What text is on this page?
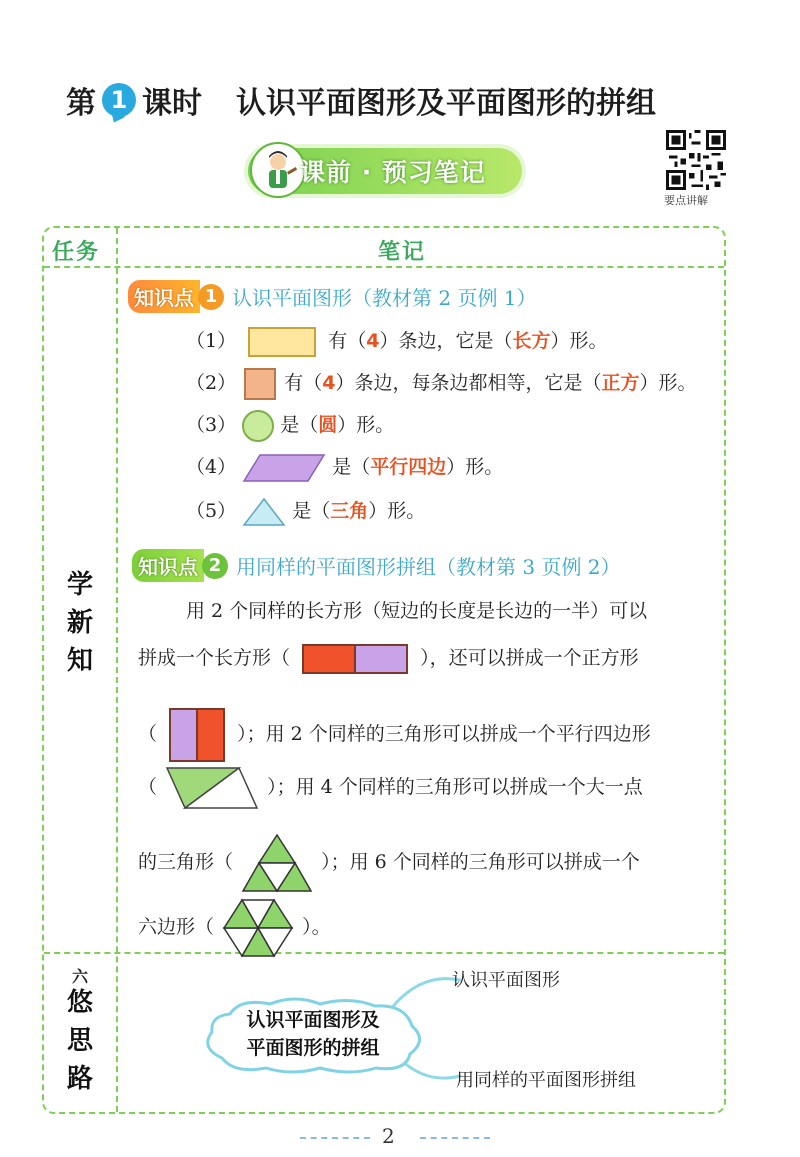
第 1 课时 认识平面图形及平面图形的拼组
课前 · 预习笔记
要点讲解
任务	笔记
学
新
知
六
悠
思
路
知识点 1 认识平面图形（教材第 2 页例 1）
（1）	有（4）条边，它是（长方）形。
（2）	有（4）条边，每条边都相等，它是（正方）形。
（3） 是（圆）形。
（4）	是（平行四边）形。
（5）	是（三角）形。
知识点 2 用同样的平面图形拼组（教材第 3 页例 2）
用 2 个同样的长方形（短边的长度是长边的一半）可以
拼成一个长方形（	），还可以拼成一个正方形
（	）；用 2 个同样的三角形可以拼成一个平行四边形
（	）；用 4 个同样的三角形可以拼成一个大一点
的三角形（	）；用 6 个同样的三角形可以拼成一个
六边形（	）。
认识平面图形及
平面图形的拼组
认识平面图形
用同样的平面图形拼组
2
